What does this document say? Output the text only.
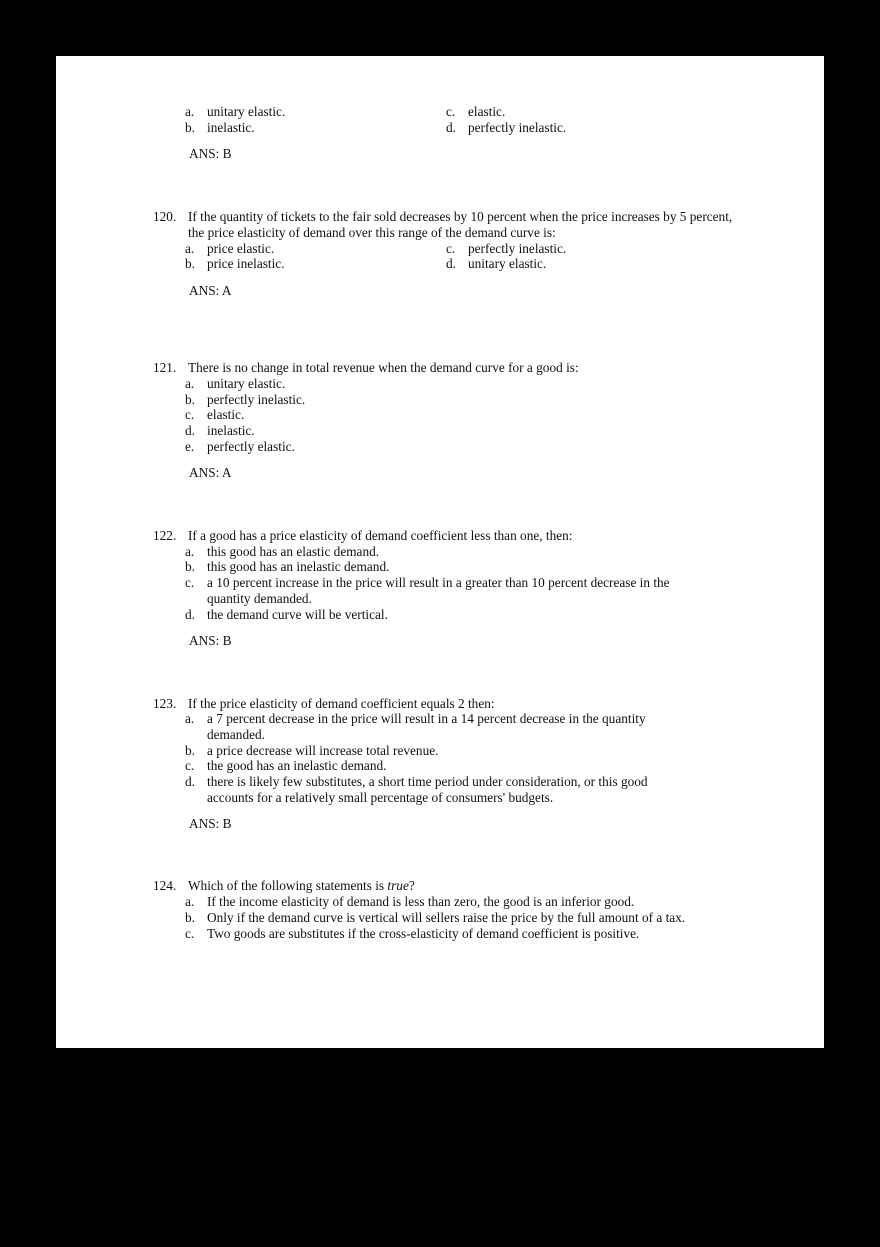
a. unitary elastic.
b. inelastic.
c. elastic.
d. perfectly inelastic.
ANS: B
120. If the quantity of tickets to the fair sold decreases by 10 percent when the price increases by 5 percent,
the price elasticity of demand over this range of the demand curve is:
a. price elastic.
b. price inelastic.
c. perfectly inelastic.
d. unitary elastic.
ANS: A
121. There is no change in total revenue when the demand curve for a good is:
a. unitary elastic.
b. perfectly inelastic.
c. elastic.
d. inelastic.
e. perfectly elastic.
ANS: A
122. If a good has a price elasticity of demand coefficient less than one, then:
a. this good has an elastic demand.
b. this good has an inelastic demand.
c. a 10 percent increase in the price will result in a greater than 10 percent decrease in the
quantity demanded.
d. the demand curve will be vertical.
ANS: B
123. If the price elasticity of demand coefficient equals 2 then:
a. a 7 percent decrease in the price will result in a 14 percent decrease in the quantity
demanded.
b. a price decrease will increase total revenue.
c. the good has an inelastic demand.
d. there is likely few substitutes, a short time period under consideration, or this good
accounts for a relatively small percentage of consumers' budgets.
ANS: B
124. Which of the following statements is true?
a. If the income elasticity of demand is less than zero, the good is an inferior good.
b. Only if the demand curve is vertical will sellers raise the price by the full amount of a tax.
c. Two goods are substitutes if the cross-elasticity of demand coefficient is positive.
